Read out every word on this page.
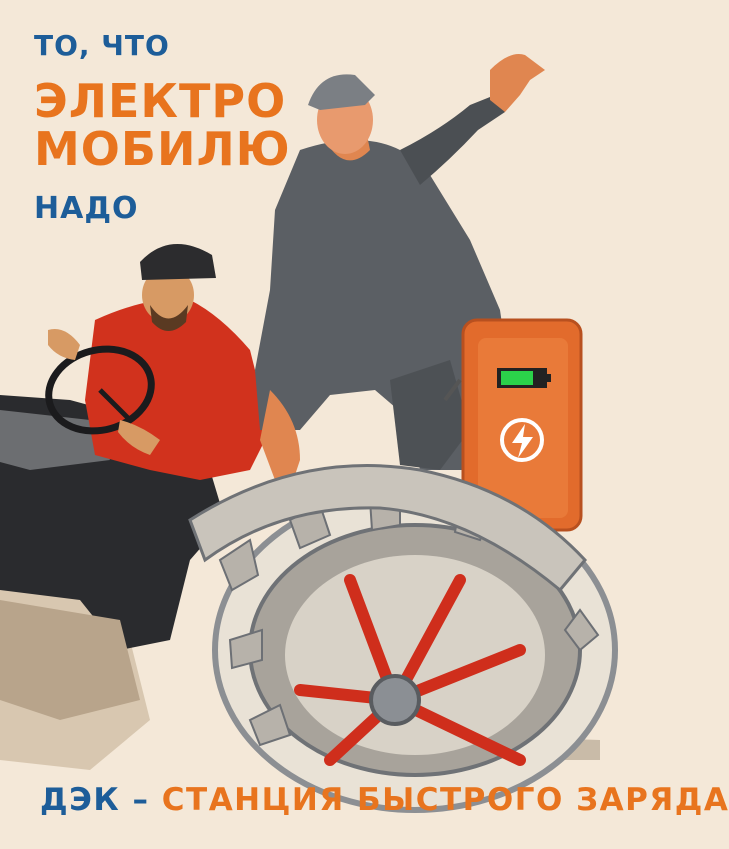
ТО, ЧТО
ЭЛЕКТРО
МОБИЛЮ
НАДО
ДЭК – СТАНЦИЯ БЫСТРОГО ЗАРЯДА
